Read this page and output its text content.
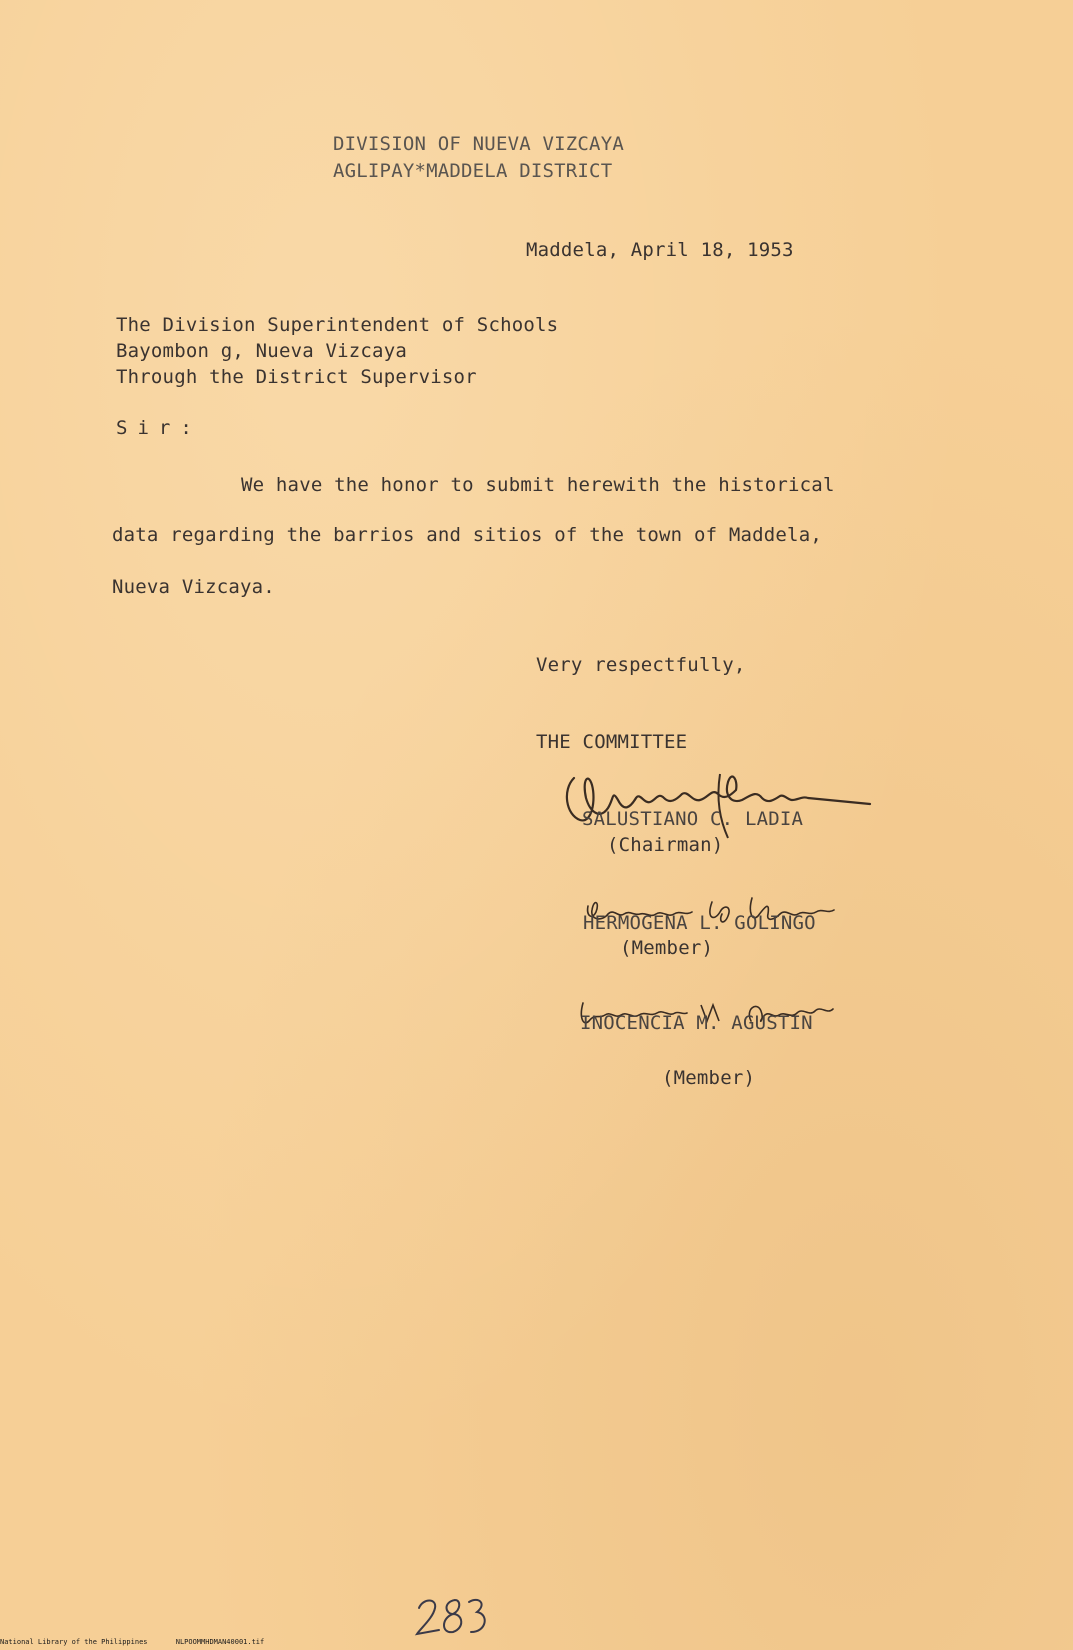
DIVISION OF NUEVA VIZCAYA
AGLIPAY*MADDELA DISTRICT
Maddela, April 18, 1953
The Division Superintendent of Schools
Bayombon g, Nueva Vizcaya
Through the District Supervisor
Sir:
We have the honor to submit herewith the historical
data regarding the barrios and sitios of the town of Maddela,
Nueva Vizcaya.
Very respectfully,
THE COMMITTEE
SALUSTIANO C. LADIA
(Chairman)
HERMOGENA L. GOLINGO
(Member)
INOCENCIA M. AGUSTIN
(Member)
National Library of the Philippines	NLPOOMMHDMAN40001.tif
